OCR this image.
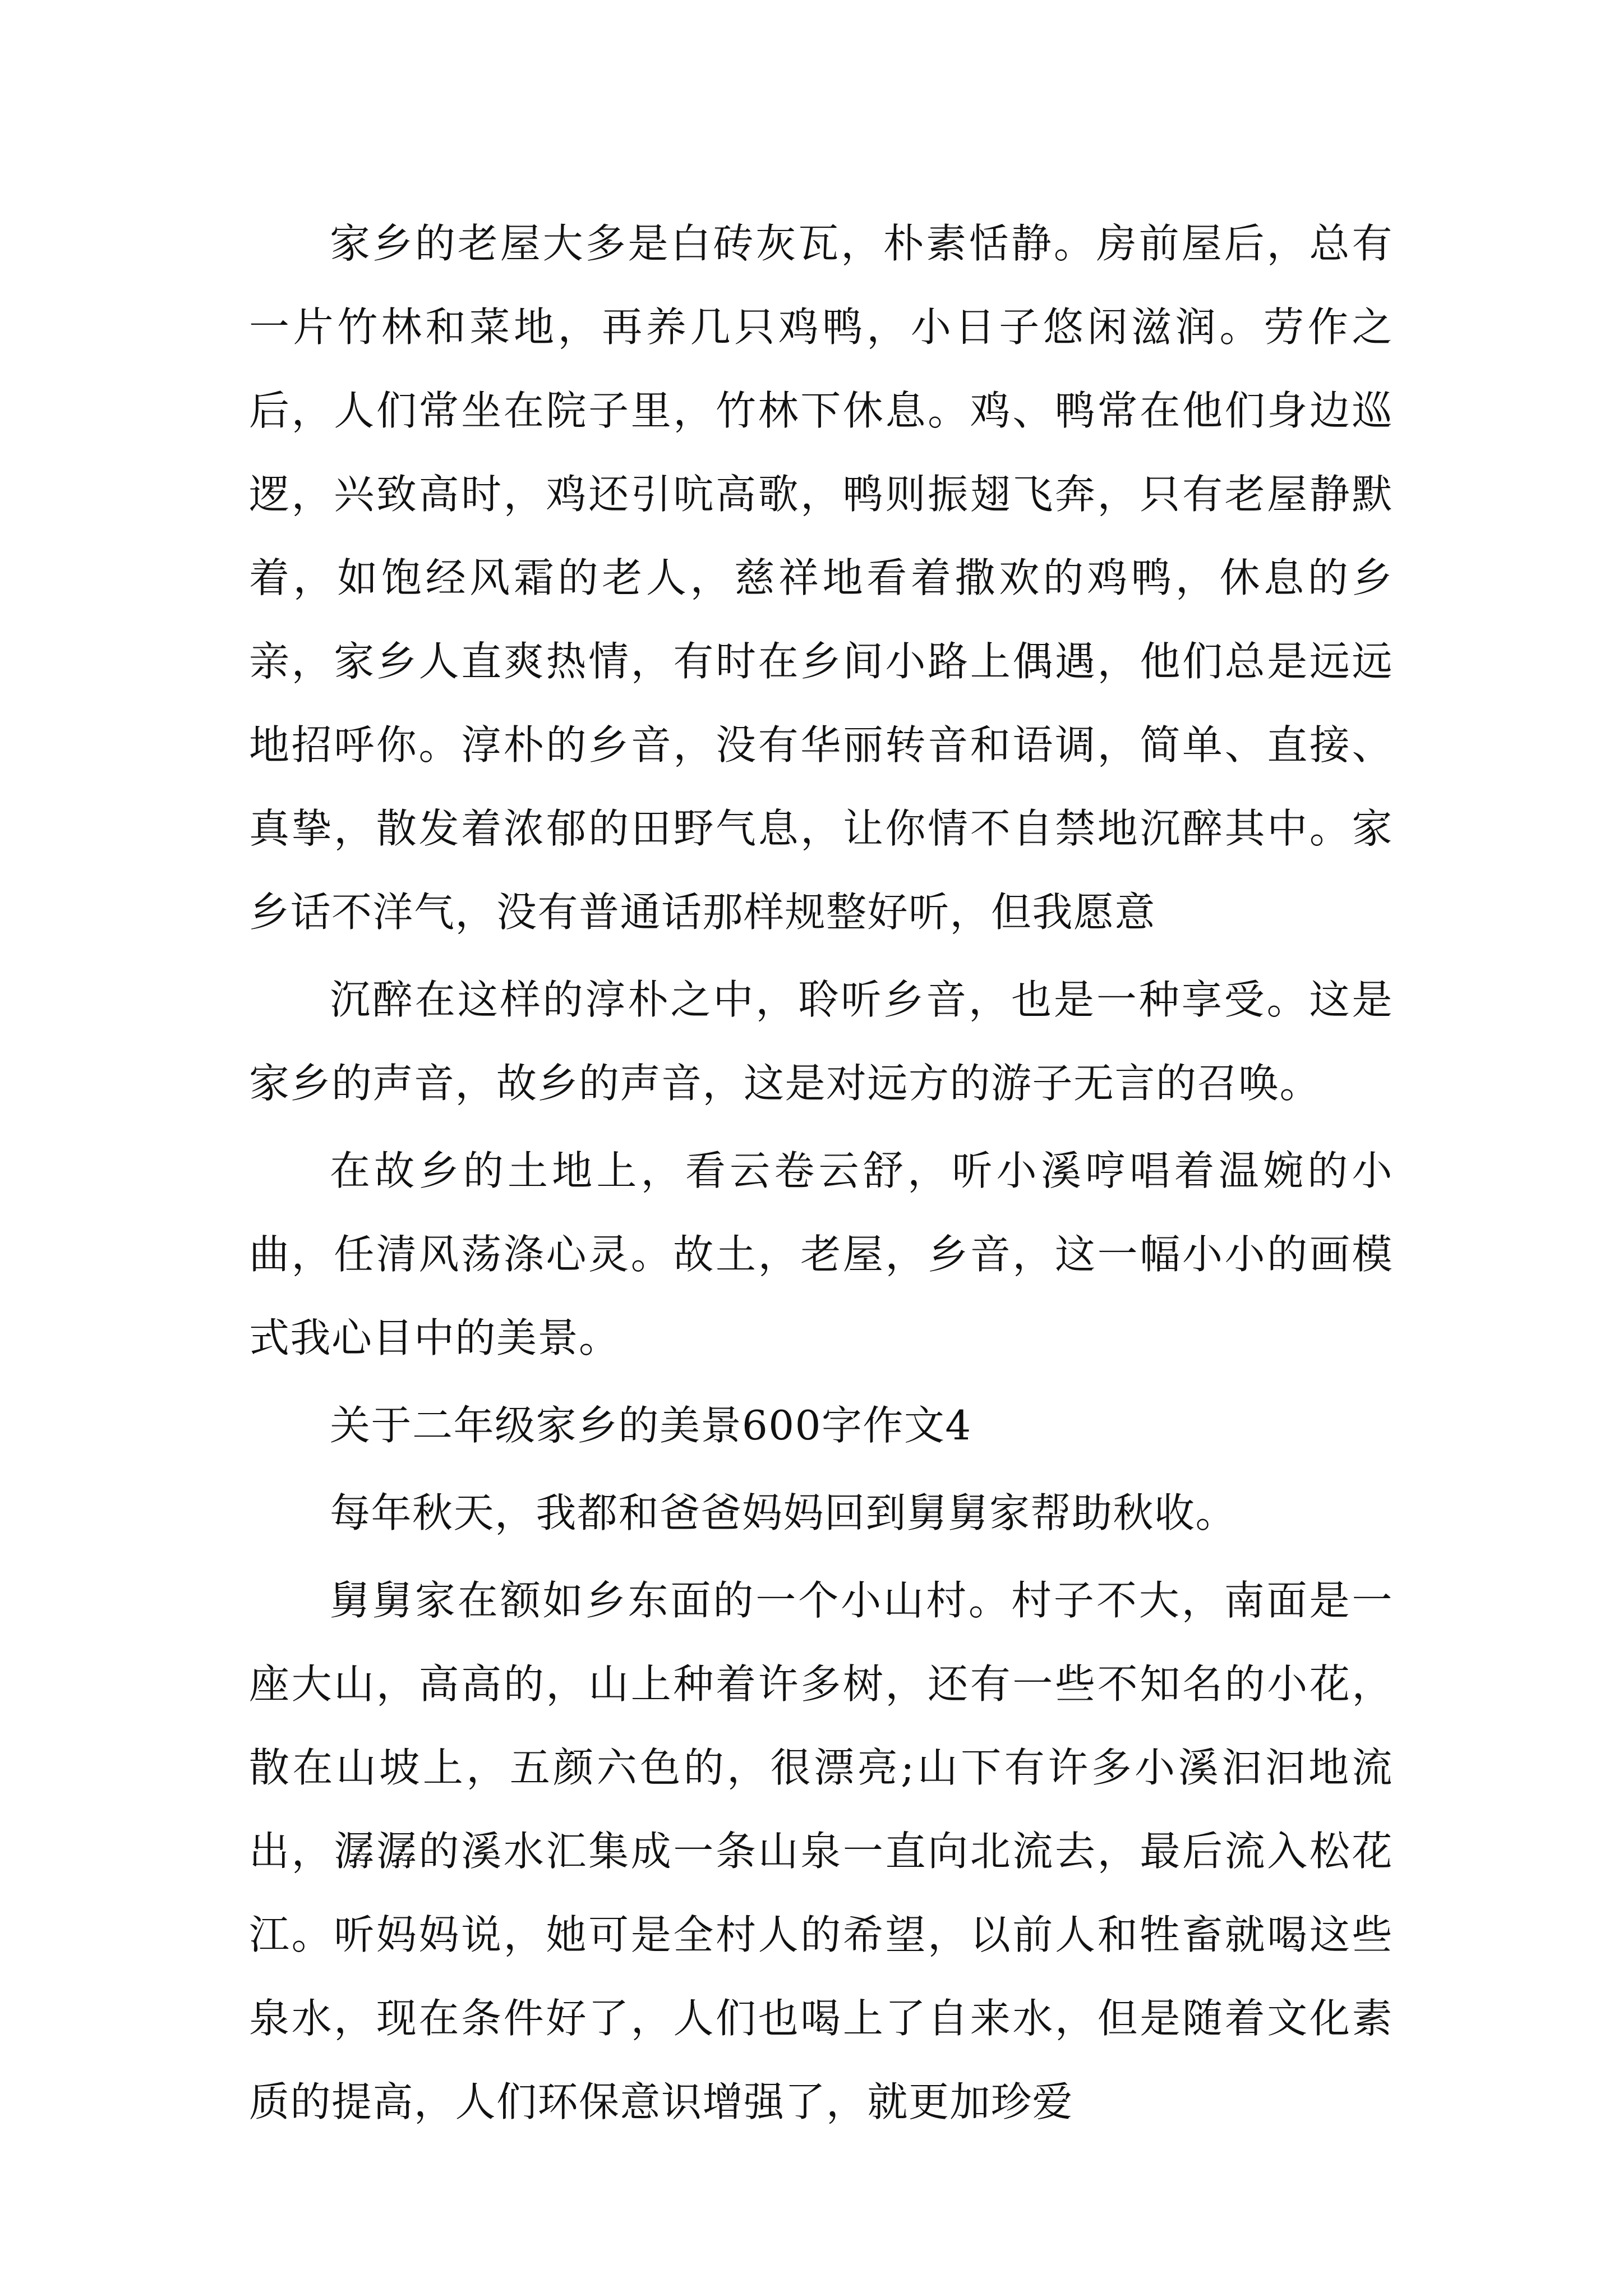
家乡的老屋大多是白砖灰瓦，朴素恬静。房前屋后，总有一片竹林和菜地，再养几只鸡鸭，小日子悠闲滋润。劳作之后，人们常坐在院子里，竹林下休息。鸡、鸭常在他们身边巡逻，兴致高时，鸡还引吭高歌，鸭则振翅飞奔，只有老屋静默着，如饱经风霜的老人，慈祥地看着撒欢的鸡鸭，休息的乡亲，家乡人直爽热情，有时在乡间小路上偶遇，他们总是远远地招呼你。淳朴的乡音，没有华丽转音和语调，简单、直接、真挚，散发着浓郁的田野气息，让你情不自禁地沉醉其中。家乡话不洋气，没有普通话那样规整好听，但我愿意

沉醉在这样的淳朴之中，聆听乡音，也是一种享受。这是家乡的声音，故乡的声音，这是对远方的游子无言的召唤。

在故乡的土地上，看云卷云舒，听小溪哼唱着温婉的小曲，任清风荡涤心灵。故土，老屋，乡音，这一幅小小的画模式我心目中的美景。

关于二年级家乡的美景600字作文4

每年秋天，我都和爸爸妈妈回到舅舅家帮助秋收。

舅舅家在额如乡东面的一个小山村。村子不大，南面是一座大山，高高的，山上种着许多树，还有一些不知名的小花，散在山坡上，五颜六色的，很漂亮;山下有许多小溪汩汩地流出，潺潺的溪水汇集成一条山泉一直向北流去，最后流入松花江。听妈妈说，她可是全村人的希望，以前人和牲畜就喝这些泉水，现在条件好了，人们也喝上了自来水，但是随着文化素质的提高，人们环保意识增强了，就更加珍爱
